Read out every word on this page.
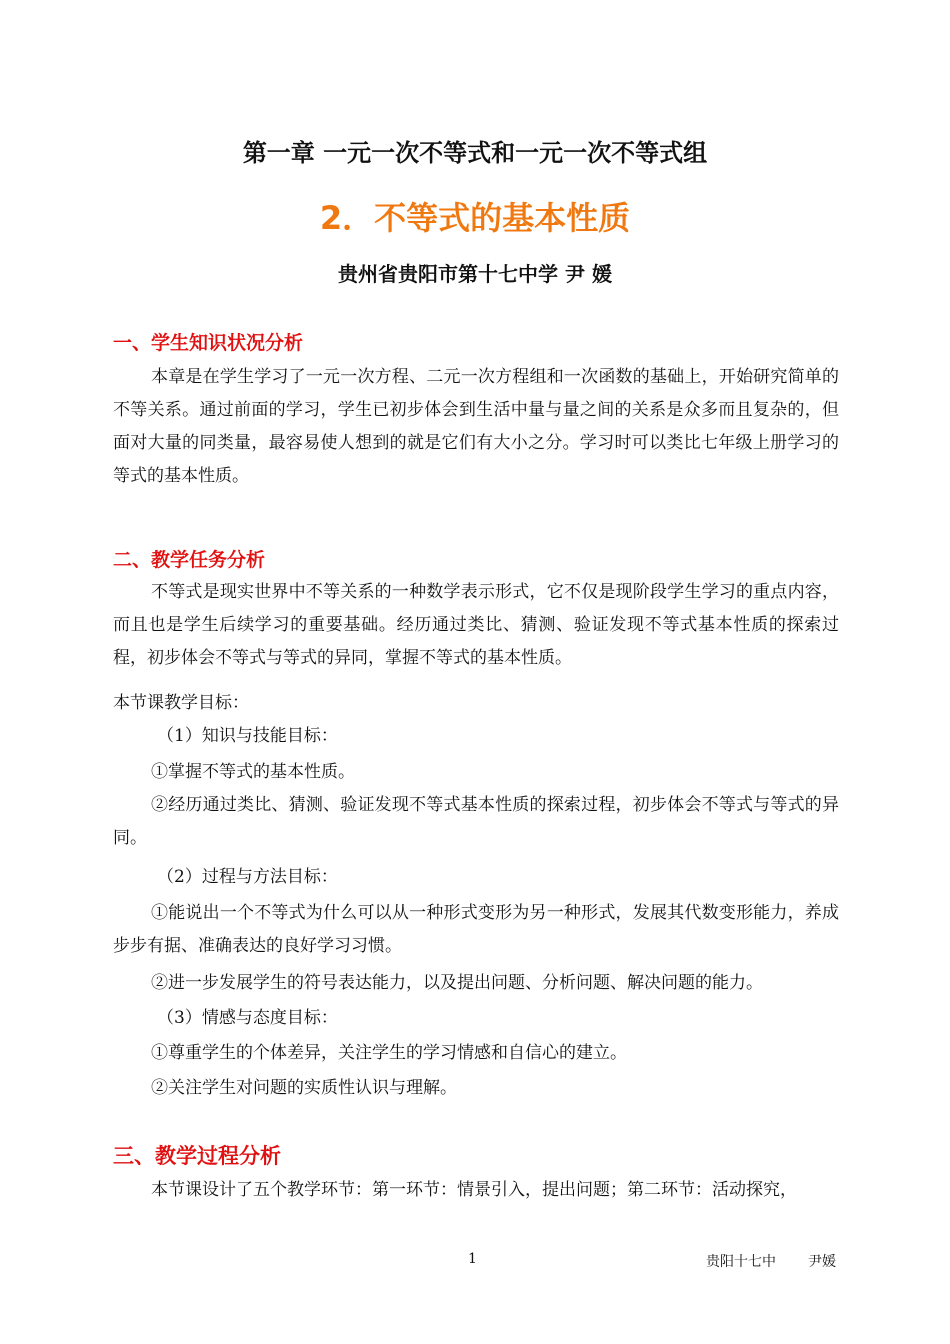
第一章 一元一次不等式和一元一次不等式组
2．不等式的基本性质
贵州省贵阳市第十七中学 尹 媛
一、学生知识状况分析

本章是在学生学习了一元一次方程、二元一次方程组和一次函数的基础上，开始研究简单的不等关系。通过前面的学习，学生已初步体会到生活中量与量之间的关系是众多而且复杂的，但面对大量的同类量，最容易使人想到的就是它们有大小之分。学习时可以类比七年级上册学习的等式的基本性质。

二、教学任务分析

不等式是现实世界中不等关系的一种数学表示形式，它不仅是现阶段学生学习的重点内容，而且也是学生后续学习的重要基础。经历通过类比、猜测、验证发现不等式基本性质的探索过程，初步体会不等式与等式的异同，掌握不等式的基本性质。

本节课教学目标：

（1）知识与技能目标：

①掌握不等式的基本性质。

②经历通过类比、猜测、验证发现不等式基本性质的探索过程，初步体会不等式与等式的异同。

（2）过程与方法目标：

①能说出一个不等式为什么可以从一种形式变形为另一种形式，发展其代数变形能力，养成步步有据、准确表达的良好学习习惯。

②进一步发展学生的符号表达能力，以及提出问题、分析问题、解决问题的能力。

（3）情感与态度目标：

①尊重学生的个体差异，关注学生的学习情感和自信心的建立。

②关注学生对问题的实质性认识与理解。

三、教学过程分析

本节课设计了五个教学环节：第一环节：情景引入，提出问题；第二环节：活动探究，

1	贵阳十七中 尹媛
